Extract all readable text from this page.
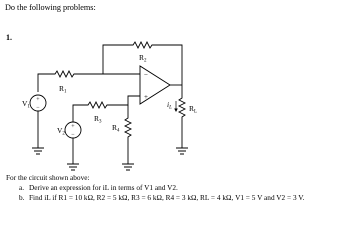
Do the following problems:
1.
+
−
+
−
−
+
$R_2$
$R_1$
$R_3$
$R_4$
$R_L$
$i_L$
$V_1$
$V_2$
For the circuit shown above:
a. Derive an expression for iL in terms of V1 and V2.
b. Find iL if R1 = 10 kΩ, R2 = 5 kΩ, R3 = 6 kΩ, R4 = 3 kΩ, RL = 4 kΩ, V1 = 5 V and V2 = 3 V.
